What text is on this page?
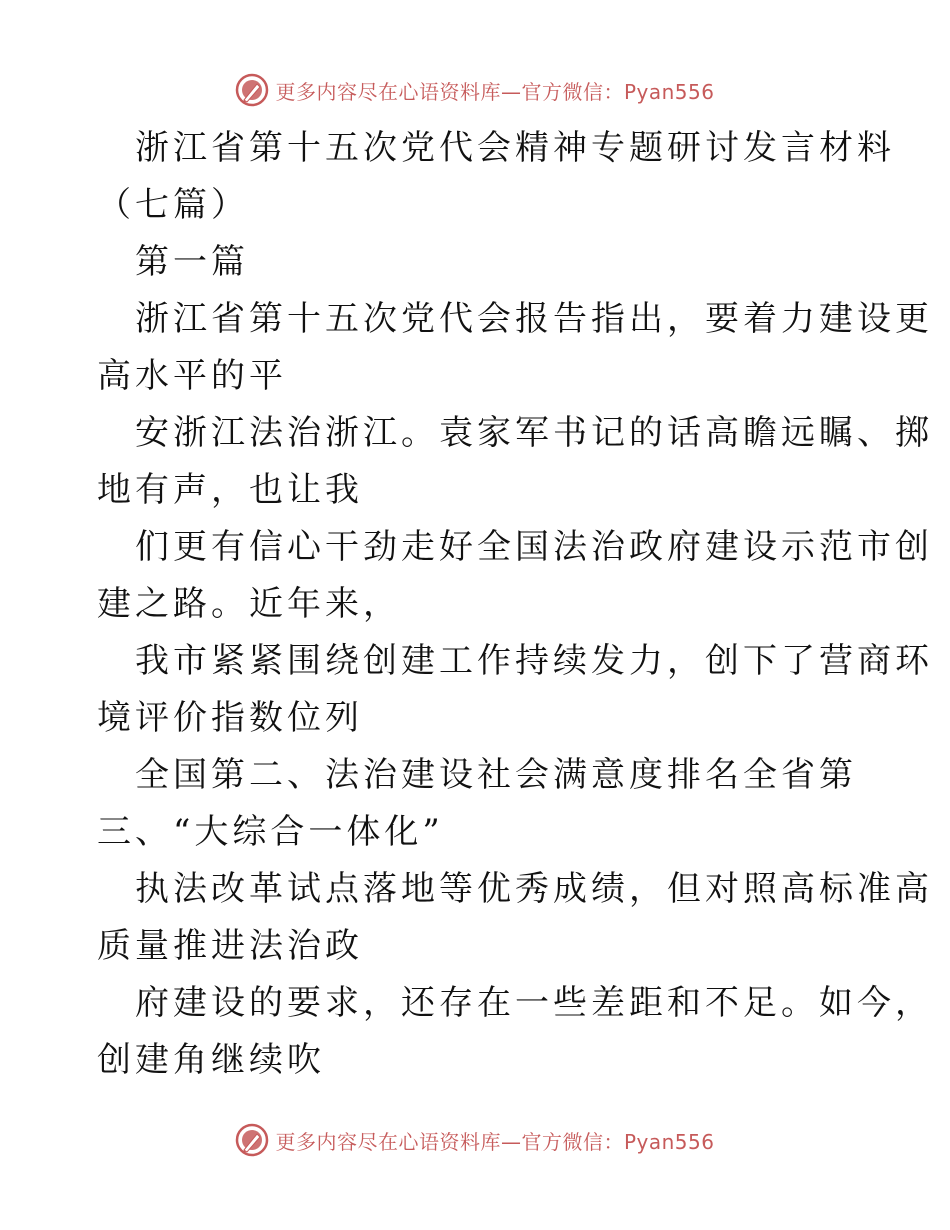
更多内容尽在心语资料库—官方微信：Pyan556

浙江省第十五次党代会精神专题研讨发言材料

（七篇）

第一篇

浙江省第十五次党代会报告指出，要着力建设更

高水平的平

安浙江法治浙江。袁家军书记的话高瞻远瞩、掷

地有声，也让我

们更有信心干劲走好全国法治政府建设示范市创

建之路。近年来，

我市紧紧围绕创建工作持续发力，创下了营商环

境评价指数位列

全国第二、法治建设社会满意度排名全省第

三、“大综合一体化”

执法改革试点落地等优秀成绩，但对照高标准高

质量推进法治政

府建设的要求，还存在一些差距和不足。如今，

创建角继续吹

更多内容尽在心语资料库—官方微信：Pyan556
